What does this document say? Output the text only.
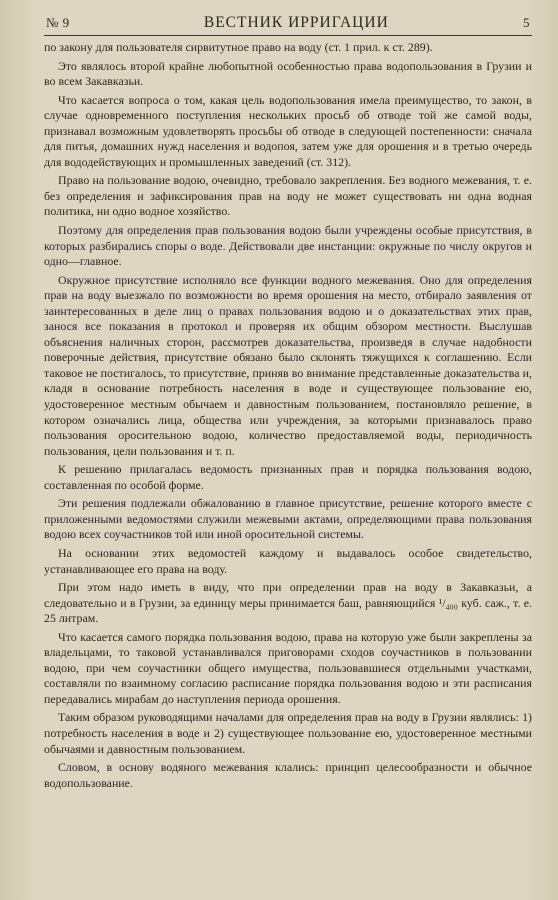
№ 9	ВЕСТНИК ИРРИГАЦИИ	5

по закону для пользователя сирвитутное право на воду (ст. 1 прил. к ст. 289).

Это являлось второй крайне любопытной особенностью права водопользования в Грузии и во всем Закавказьи.

Что касается вопроса о том, какая цель водопользования имела преимущество, то закон, в случае одновременного поступления нескольких просьб об отводе той же самой воды, признавал возможным удовлетворять просьбы об отводе в следующей постепенности: сначала для питья, домашних нужд населения и водопоя, затем уже для орошения и в третью очередь для вододействующих и промышленных заведений (ст. 312).

Право на пользование водою, очевидно, требовало закрепления. Без водного межевания, т. е. без определения и зафиксирования прав на воду не может существовать ни одна водная политика, ни одно водное хозяйство.

Поэтому для определения прав пользования водою были учреждены особые присутствия, в которых разбирались споры о воде. Действовали две инстанции: окружные по числу округов и одно—главное.

Окружное присутствие исполняло все функции водного межевания. Оно для определения прав на воду выезжало по возможности во время орошения на место, отбирало заявления от заинтересованных в деле лиц о правах пользования водою и о доказательствах этих прав, занося все показания в протокол и проверяя их общим обзором местности. Выслушав объяснения наличных сторон, рассмотрев доказательства, произведя в случае надобности поверочные действия, присутствие обязано было склонять тяжущихся к соглашению. Если таковое не постигалось, то присутствие, приняв во внимание представленные доказательства и, кладя в основание потребность населения в воде и существующее пользование ею, удостоверенное местным обычаем и давностным пользованием, постановляло решение, в котором означались лица, общества или учреждения, за которыми признавалось право пользования оросительною водою, количество предоставляемой воды, периодичность пользования, цели пользования и т. п.

К решению прилагалась ведомость признанных прав и порядка пользования водою, составленная по особой форме.

Эти решения подлежали обжалованию в главное присутствие, решение которого вместе с приложенными ведомостями служили межевыми актами, определяющими права пользования водою всех соучастников той или иной оросительной системы.

На основании этих ведомостей каждому и выдавалось особое свидетельство, устанавливающее его права на воду.

При этом надо иметь в виду, что при определении прав на воду в Закавказьи, а следовательно и в Грузии, за единицу меры принимается баш, равняющийся ¹/₄₀₀ куб. саж., т. е. 25 литрам.

Что касается самого порядка пользования водою, права на которую уже были закреплены за владельцами, то таковой устанавливался приговорами сходов соучастников в пользовании водою, при чем соучастники общего имущества, пользовавшиеся отдельными участками, составляли по взаимному согласию расписание порядка пользования водою и эти расписания передавались мирабам до наступления периода орошения.

Таким образом руководящими началами для определения прав на воду в Грузии являлись: 1) потребность населения в воде и 2) существующее пользование ею, удостоверенное местными обычаями и давностным пользованием.

Словом, в основу водяного межевания клались: принцип целесообразности и обычное водопользование.
